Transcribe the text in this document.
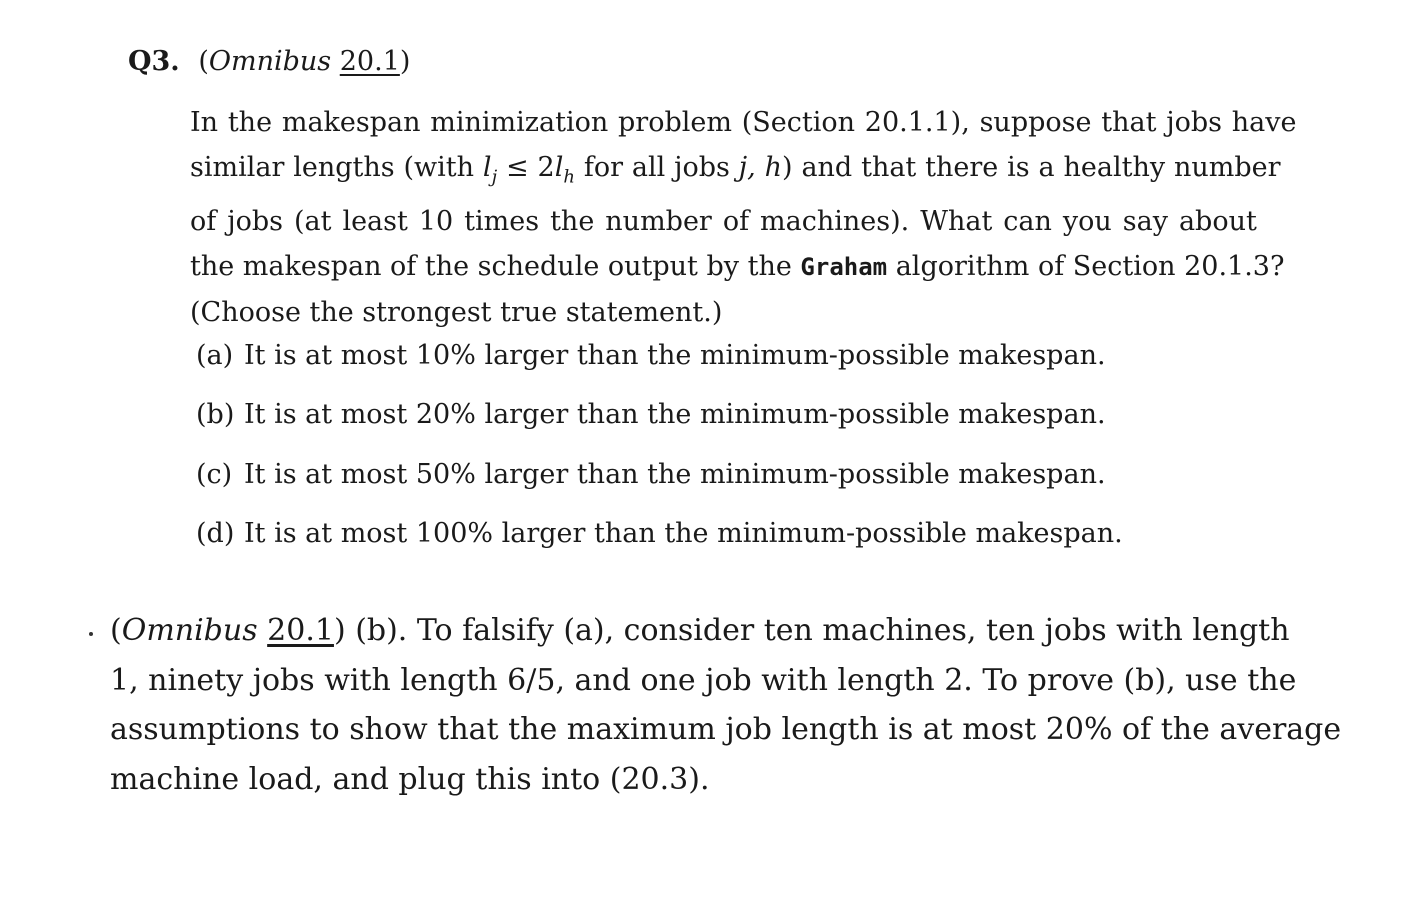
Q3. (Omnibus 20.1)
In the makespan minimization problem (Section 20.1.1), suppose that jobs have
similar lengths (with $l_j \le 2l_h$ for all jobs j, h) and that there is a healthy number
of jobs (at least 10 times the number of machines). What can you say about
the makespan of the schedule output by the Graham algorithm of Section 20.1.3?
(Choose the strongest true statement.)
(a) It is at most 10% larger than the minimum-possible makespan.
(b) It is at most 20% larger than the minimum-possible makespan.
(c) It is at most 50% larger than the minimum-possible makespan.
(d) It is at most 100% larger than the minimum-possible makespan.
(Omnibus 20.1) (b). To falsify (a), consider ten machines, ten jobs with length
1, ninety jobs with length 6/5, and one job with length 2. To prove (b), use the
assumptions to show that the maximum job length is at most 20% of the average
machine load, and plug this into (20.3).
